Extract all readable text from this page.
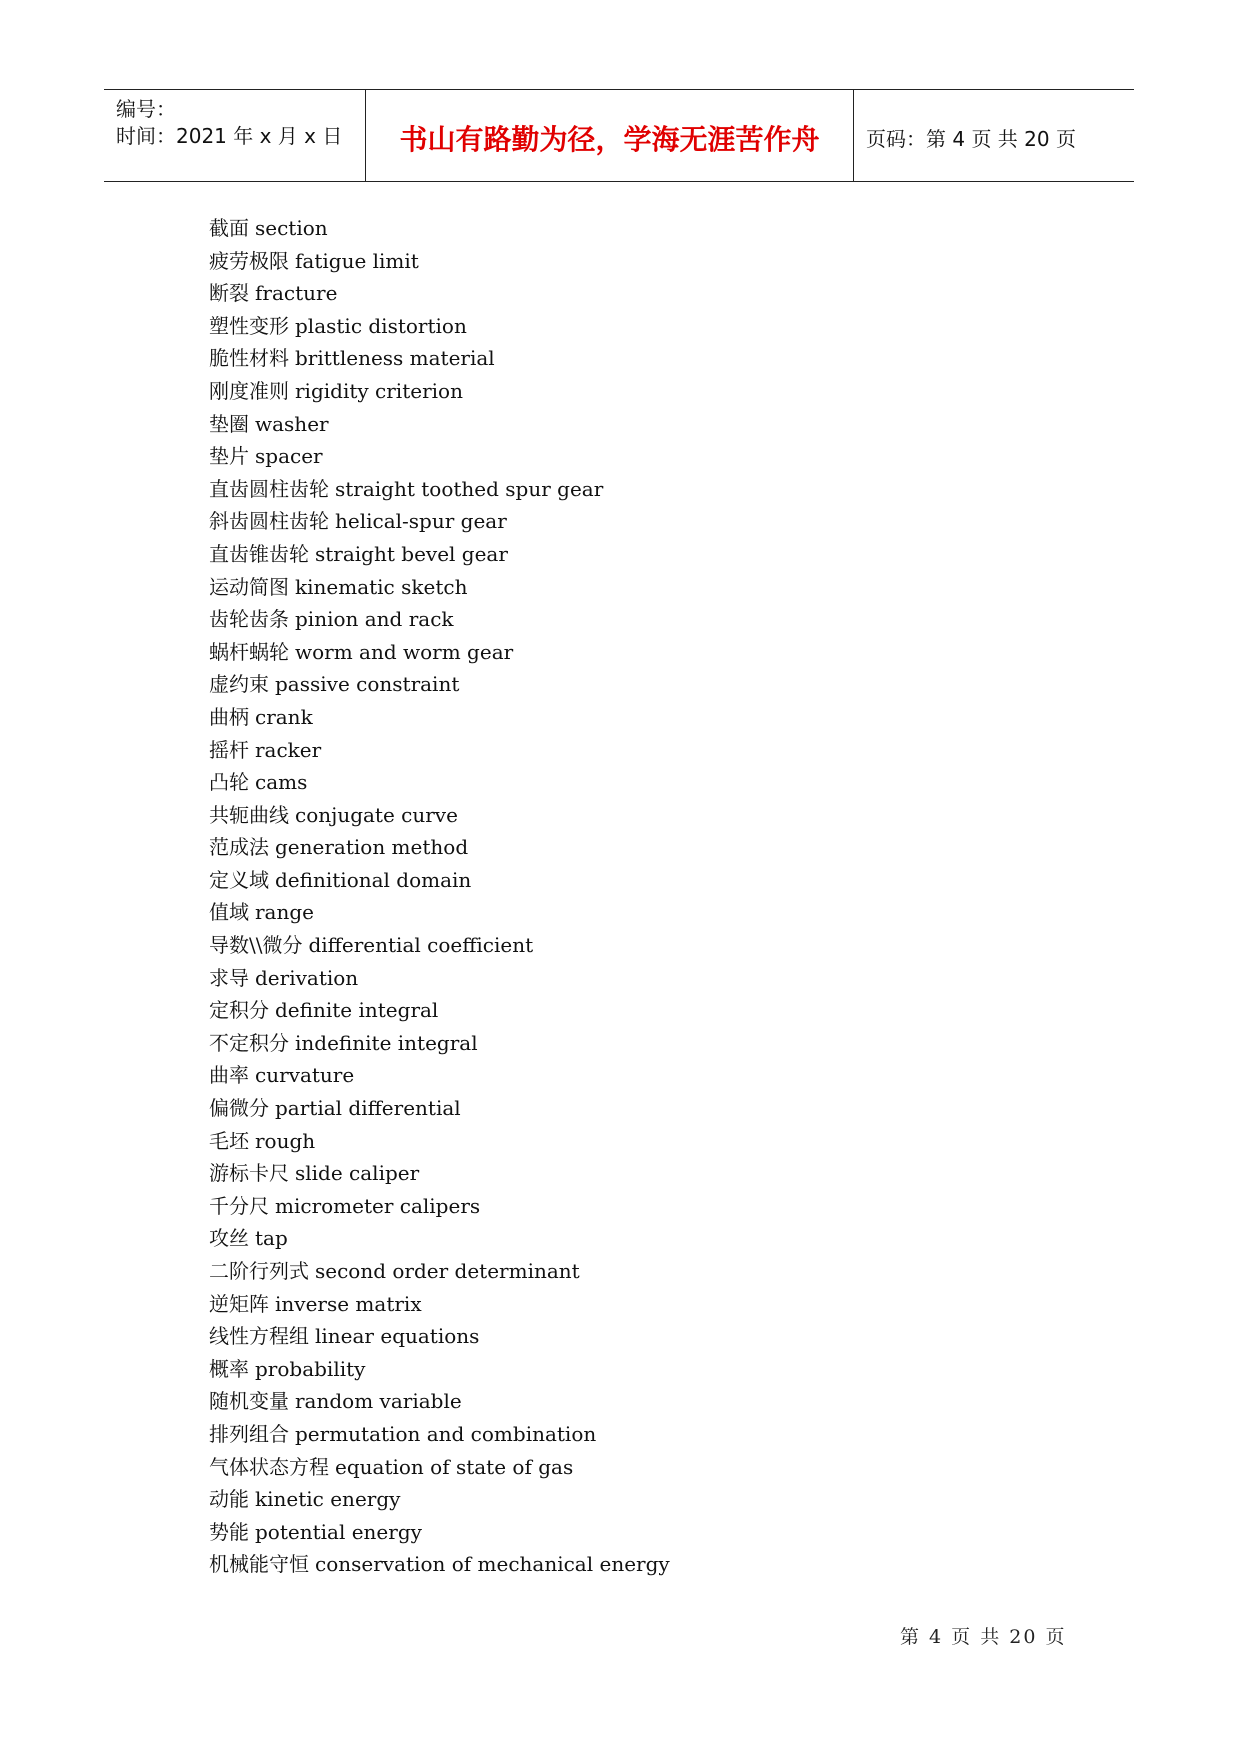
编号：
时间：2021 年 x 月 x 日	书山有路勤为径，学海无涯苦作舟	页码：第 4 页 共 20 页
截面 section
疲劳极限 fatigue limit
断裂 fracture
塑性变形 plastic distortion
脆性材料 brittleness material
刚度准则 rigidity criterion
垫圈 washer
垫片 spacer
直齿圆柱齿轮 straight toothed spur gear
斜齿圆柱齿轮 helical-spur gear
直齿锥齿轮 straight bevel gear
运动简图 kinematic sketch
齿轮齿条 pinion and rack
蜗杆蜗轮 worm and worm gear
虚约束 passive constraint
曲柄 crank
摇杆 racker
凸轮 cams
共轭曲线 conjugate curve
范成法 generation method
定义域 definitional domain
值域 range
导数\\微分 differential coefficient
求导 derivation
定积分 definite integral
不定积分 indefinite integral
曲率 curvature
偏微分 partial differential
毛坯 rough
游标卡尺 slide caliper
千分尺 micrometer calipers
攻丝 tap
二阶行列式 second order determinant
逆矩阵 inverse matrix
线性方程组 linear equations
概率 probability
随机变量 random variable
排列组合 permutation and combination
气体状态方程 equation of state of gas
动能 kinetic energy
势能 potential energy
机械能守恒 conservation of mechanical energy
第 4 页 共 20 页
